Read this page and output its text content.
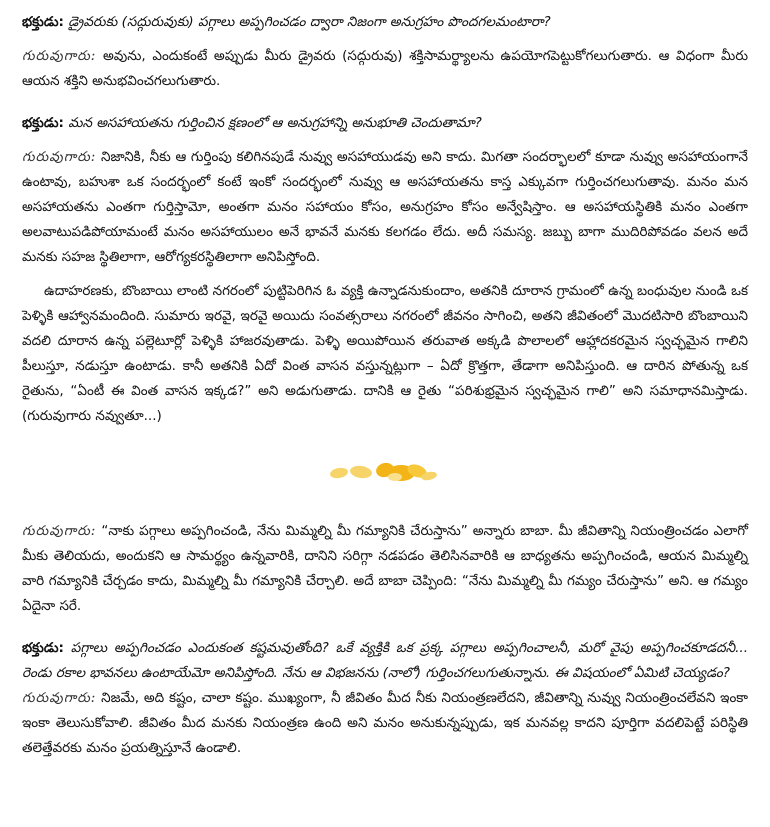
భక్తుడు: డ్రైవరుకు (సద్గురువుకు) పగ్గాలు అప్పగించడం ద్వారా నిజంగా అనుగ్రహం పొందగలమంటారా?

గురువుగారు: అవును, ఎందుకంటే అప్పుడు మీరు డ్రైవరు (సద్గురువు) శక్తిసామర్థ్యాలను ఉపయోగపెట్టుకోగలుగుతారు. ఆ విధంగా మీరు ఆయన శక్తిని అనుభవించగలుగుతారు.

భక్తుడు: మన అసహాయతను గుర్తించిన క్షణంలో ఆ అనుగ్రహాన్ని అనుభూతి చెందుతామా?

గురువుగారు: నిజానికి, నీకు ఆ గుర్తింపు కలిగినపుడే నువ్వు అసహాయుడవు అని కాదు. మిగతా సందర్భాలలో కూడా నువ్వు అసహాయంగానే ఉంటావు, బహుశా ఒక సందర్భంలో కంటే ఇంకో సందర్భంలో నువ్వు ఆ అసహాయతను కాస్త ఎక్కువగా గుర్తించగలుగుతావు. మనం మన అసహాయతను ఎంతగా గుర్తిస్తామో, అంతగా మనం సహాయం కోసం, అనుగ్రహం కోసం అన్వేషిస్తాం. ఆ అసహాయస్థితికి మనం ఎంతగా అలవాటుపడిపోయామంటే మనం అసహాయులం అనే భావనే మనకు కలగడం లేదు. అదీ సమస్య. జబ్బు బాగా ముదిరిపోవడం వలన అదే మనకు సహజ స్థితిలాగా, ఆరోగ్యకరస్థితిలాగా అనిపిస్తోంది.

ఉదాహరణకు, బొంబాయి లాంటి నగరంలో పుట్టిపెరిగిన ఓ వ్యక్తి ఉన్నాడనుకుందాం, అతనికి దూరాన గ్రామంలో ఉన్న బంధువుల నుండి ఒక పెళ్ళికి ఆహ్వానమందింది. సుమారు ఇరవై, ఇరవై అయిదు సంవత్సరాలు నగరంలో జీవనం సాగించి, అతని జీవితంలో మొదటిసారి బొంబాయిని వదలి దూరాన ఉన్న పల్లెటూర్లో పెళ్ళికి హాజరవుతాడు. పెళ్ళి అయిపోయిన తరువాత అక్కడి పొలాలలో ఆహ్లాదకరమైన స్వచ్ఛమైన గాలిని పీలుస్తూ, నడుస్తూ ఉంటాడు. కానీ అతనికి ఏదో వింత వాసన వస్తున్నట్లుగా – ఏదో క్రొత్తగా, తేడాగా అనిపిస్తుంది. ఆ దారిన పోతున్న ఒక రైతును, “ఏంటీ ఈ వింత వాసన ఇక్కడ?” అని అడుగుతాడు. దానికి ఆ రైతు “పరిశుభ్రమైన స్వచ్ఛమైన గాలి” అని సమాధానమిస్తాడు. (గురువుగారు నవ్వుతూ...)

గురువుగారు: “నాకు పగ్గాలు అప్పగించండి, నేను మిమ్మల్ని మీ గమ్యానికి చేరుస్తాను” అన్నారు బాబా. మీ జీవితాన్ని నియంత్రించడం ఎలాగో మీకు తెలియదు, అందుకని ఆ సామర్థ్యం ఉన్నవారికి, దానిని సరిగ్గా నడపడం తెలిసినవారికి ఆ బాధ్యతను అప్పగించండి, ఆయన మిమ్మల్ని వారి గమ్యానికి చేర్చడం కాదు, మిమ్మల్ని మీ గమ్యానికి చేర్చాలి. అదే బాబా చెప్పింది: “నేను మిమ్మల్ని మీ గమ్యం చేరుస్తాను” అని. ఆ గమ్యం ఏదైనా సరే.

భక్తుడు: పగ్గాలు అప్పగించడం ఎందుకంత కష్టమవుతోంది? ఒకే వ్యక్తికి ఒక ప్రక్క పగ్గాలు అప్పగించాలనీ, మరో వైపు అప్పగించకూడదనీ... రెండు రకాల భావనలు ఉంటాయేమో అనిపిస్తోంది. నేను ఆ విభజనను (నాలో) గుర్తించగలుగుతున్నాను. ఈ విషయంలో ఏమిటి చెయ్యడం?

గురువుగారు: నిజమే, అది కష్టం, చాలా కష్టం. ముఖ్యంగా, నీ జీవితం మీద నీకు నియంత్రణలేదని, జీవితాన్ని నువ్వు నియంత్రించలేవని ఇంకా ఇంకా తెలుసుకోవాలి. జీవితం మీద మనకు నియంత్రణ ఉంది అని మనం అనుకున్నప్పుడు, ఇక మనవల్ల కాదని పూర్తిగా వదలిపెట్టే పరిస్థితి తలెత్తేవరకు మనం ప్రయత్నిస్తూనే ఉండాలి.
